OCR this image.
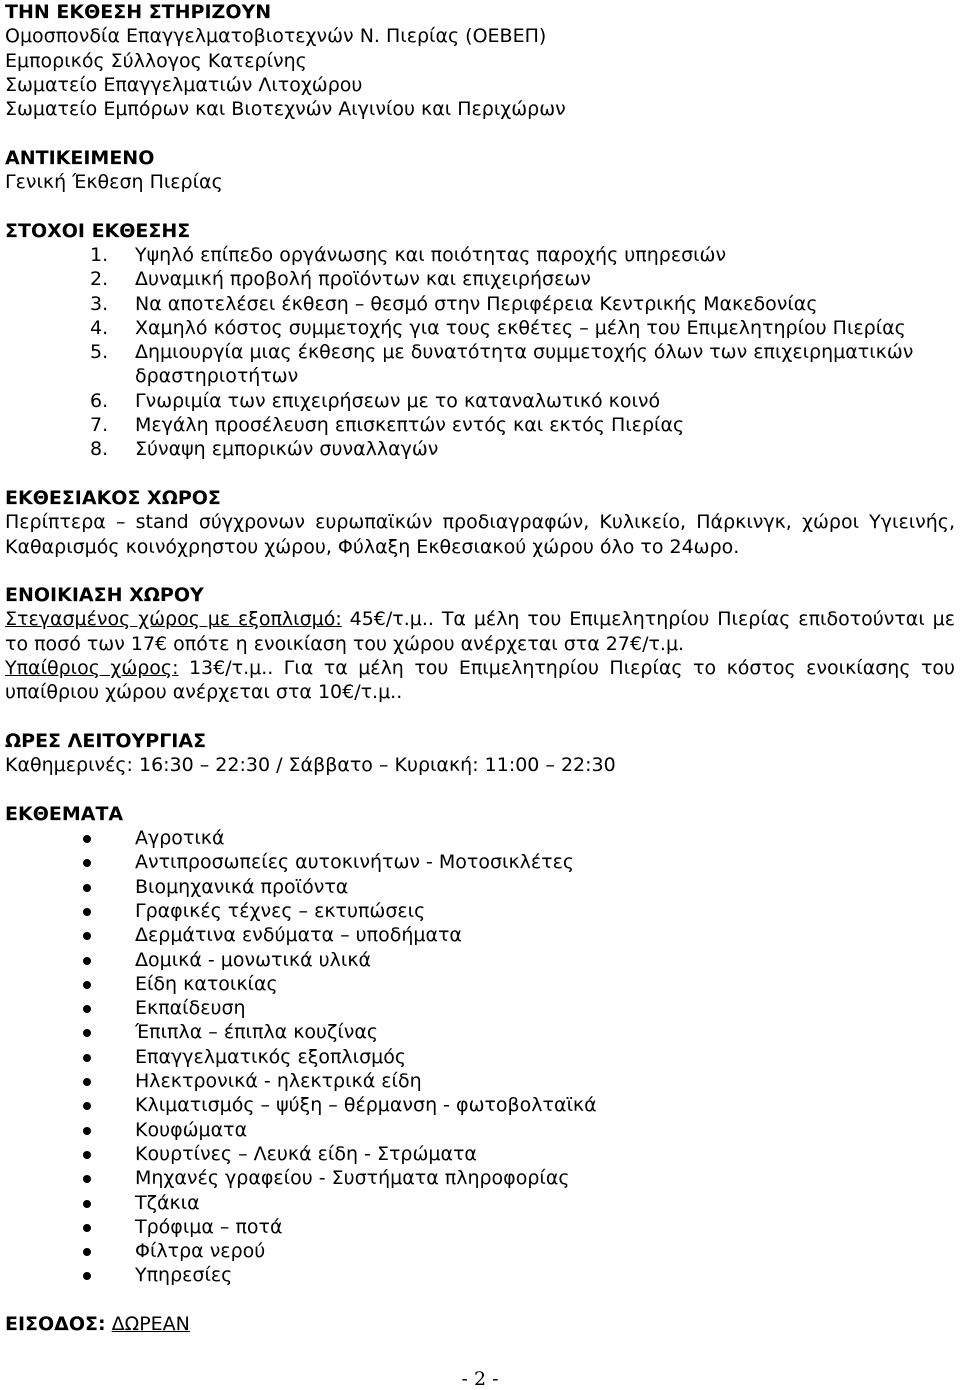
ΤΗΝ ΕΚΘΕΣΗ ΣΤΗΡΙΖΟΥΝ
Ομοσπονδία Επαγγελματοβιοτεχνών Ν. Πιερίας (ΟΕΒΕΠ)
Εμπορικός Σύλλογος Κατερίνης
Σωματείο Επαγγελματιών Λιτοχώρου
Σωματείο Εμπόρων και Βιοτεχνών Αιγινίου και Περιχώρων
ΑΝΤΙΚΕΙΜΕΝΟ
Γενική Έκθεση Πιερίας
ΣΤΟΧΟΙ ΕΚΘΕΣΗΣ
1. Υψηλό επίπεδο οργάνωσης και ποιότητας παροχής υπηρεσιών
2. Δυναμική προβολή προϊόντων και επιχειρήσεων
3. Να αποτελέσει έκθεση – θεσμό στην Περιφέρεια Κεντρικής Μακεδονίας
4. Χαμηλό κόστος συμμετοχής για τους εκθέτες – μέλη του Επιμελητηρίου Πιερίας
5. Δημιουργία μιας έκθεσης με δυνατότητα συμμετοχής όλων των επιχειρηματικών δραστηριοτήτων
6. Γνωριμία των επιχειρήσεων με το καταναλωτικό κοινό
7. Μεγάλη προσέλευση επισκεπτών εντός και εκτός Πιερίας
8. Σύναψη εμπορικών συναλλαγών
ΕΚΘΕΣΙΑΚΟΣ ΧΩΡΟΣ
Περίπτερα – stand σύγχρονων ευρωπαϊκών προδιαγραφών, Κυλικείο, Πάρκινγκ, χώροι Υγιεινής, Καθαρισμός κοινόχρηστου χώρου, Φύλαξη Εκθεσιακού χώρου όλο το 24ωρο.
ΕΝΟΙΚΙΑΣΗ ΧΩΡΟΥ
Στεγασμένος χώρος με εξοπλισμό: 45€/τ.μ.. Τα μέλη του Επιμελητηρίου Πιερίας επιδοτούνται με το ποσό των 17€ οπότε η ενοικίαση του χώρου ανέρχεται στα 27€/τ.μ.
Υπαίθριος χώρος: 13€/τ.μ.. Για τα μέλη του Επιμελητηρίου Πιερίας το κόστος ενοικίασης του υπαίθριου χώρου ανέρχεται στα 10€/τ.μ..
ΩΡΕΣ ΛΕΙΤΟΥΡΓΙΑΣ
Καθημερινές: 16:30 – 22:30 / Σάββατο – Κυριακή: 11:00 – 22:30
ΕΚΘΕΜΑΤΑ
Αγροτικά
Αντιπροσωπείες αυτοκινήτων - Μοτοσικλέτες
Βιομηχανικά προϊόντα
Γραφικές τέχνες – εκτυπώσεις
Δερμάτινα ενδύματα – υποδήματα
Δομικά - μονωτικά υλικά
Είδη κατοικίας
Εκπαίδευση
Έπιπλα – έπιπλα κουζίνας
Επαγγελματικός εξοπλισμός
Ηλεκτρονικά - ηλεκτρικά είδη
Κλιματισμός – ψύξη – θέρμανση - φωτοβολταϊκά
Κουφώματα
Κουρτίνες – Λευκά είδη - Στρώματα
Μηχανές γραφείου - Συστήματα πληροφορίας
Τζάκια
Τρόφιμα – ποτά
Φίλτρα νερού
Υπηρεσίες
ΕΙΣΟΔΟΣ: ΔΩΡΕΑΝ
- 2 -
